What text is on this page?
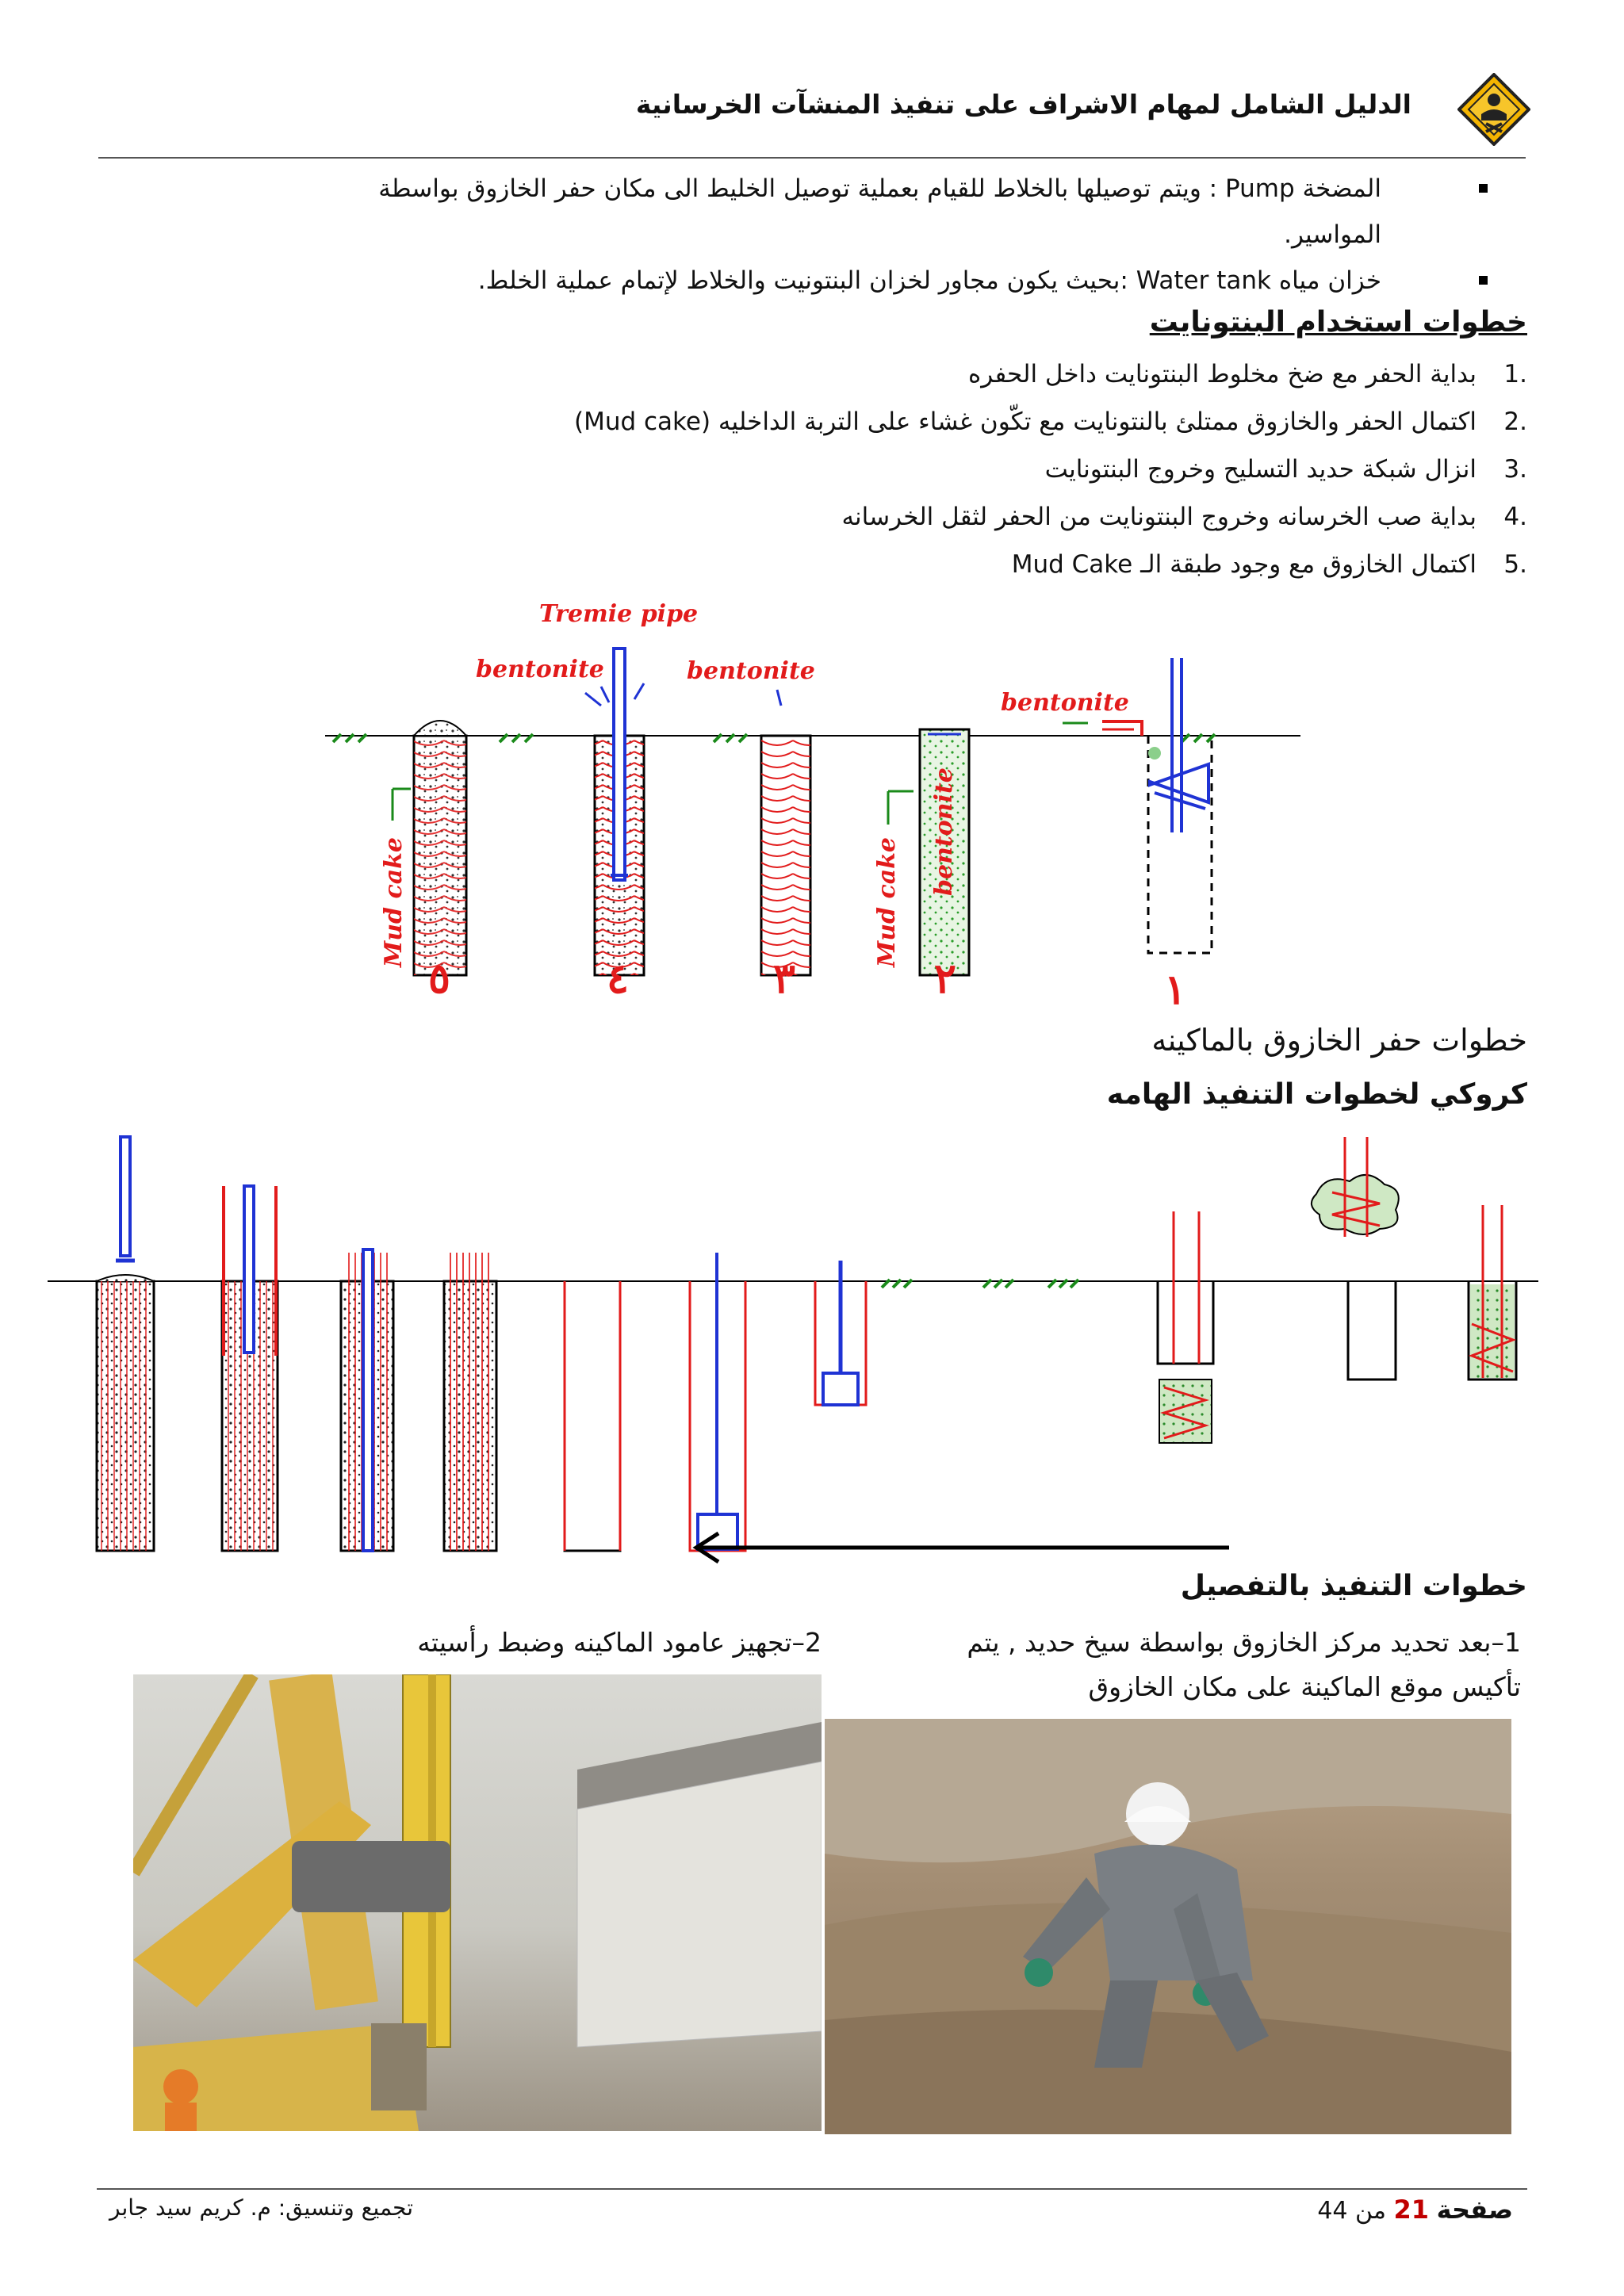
الدليل الشامل لمهام الاشراف على تنفيذ المنشآت الخرسانية
المضخة Pump : ويتم توصيلها بالخلاط للقيام بعملية توصيل الخليط الى مكان حفر الخازوق بواسطة
المواسير.
خزان مياه Water tank :بحيث يكون مجاور لخزان البنتونيت والخلاط لإتمام عملية الخلط.
خطوات استخدام البنتونايت
1.
بداية الحفر مع ضخ مخلوط البنتونايت داخل الحفره
2.
اكتمال الحفر والخازوق ممتلئ بالنتونايت مع تكّون غشاء على التربة الداخليه (Mud cake)
3.
انزال شبكة حديد التسليح وخروج البنتونايت
4.
بداية صب الخرسانه وخروج البنتونايت من الحفر لثقل الخرسانه
5.
اكتمال الخازوق مع وجود طبقة الـ Mud Cake
Mud cake
Tremie pipe
bentonite	bentonite
bentonite
Mud cake
bentonite
٥	٤	٣	٢	١
خطوات حفر الخازوق بالماكينه
كروكي لخطوات التنفيذ الهامه
خطوات التنفيذ بالتفصيل
1–بعد تحديد مركز الخازوق بواسطة سيخ حديد , يتم
تأكيس موقع الماكينة على مكان الخازوق
2–تجهيز عامود الماكينه وضبط رأسيته
تجميع وتنسيق: م. كريم سيد جابر	صفحة 21 من 44
